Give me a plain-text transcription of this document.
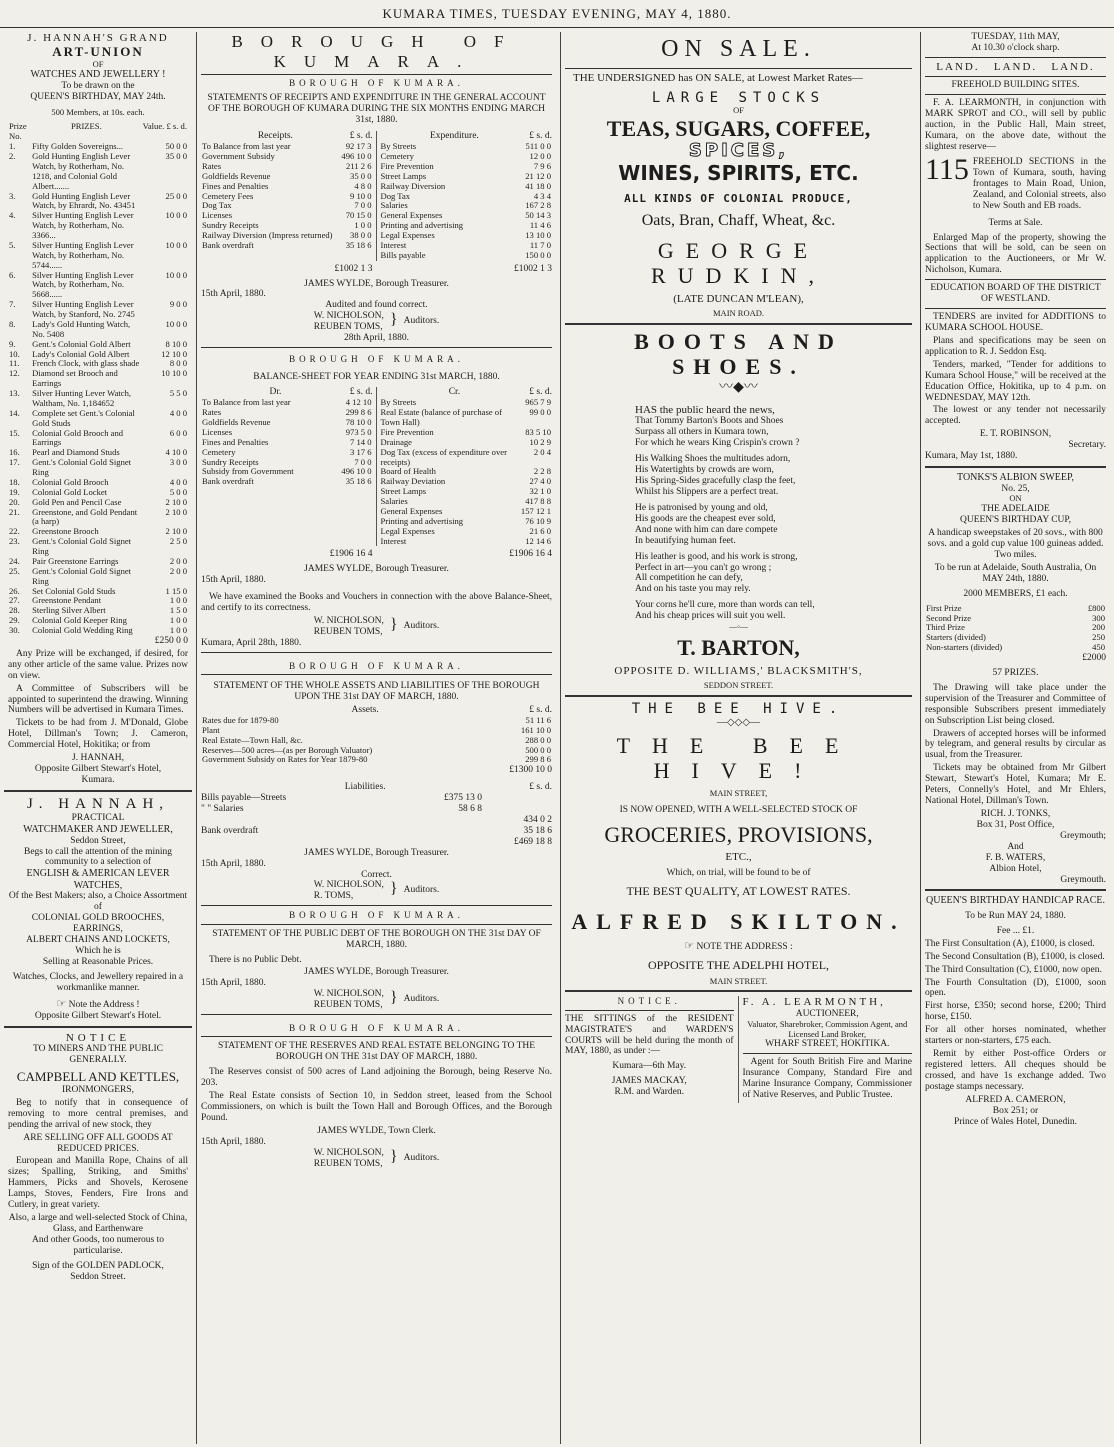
KUMARA TIMES, TUESDAY EVENING, MAY 4, 1880.
J. HANNAH'S GRAND
ART-UNION
OF
WATCHES AND JEWELLERY !
To be drawn on the
QUEEN'S BIRTHDAY, MAY 24th.
500 Members, at 10s. each.
Prize No.	PRIZES.	Value. £ s. d.
1.	Fifty Golden Sovereigns...	50 0 0
2.	Gold Hunting English Lever Watch, by Rotherham, No. 1218, and Colonial Gold Albert.......	35 0 0
3.	Gold Hunting English Lever Watch, by Ehrardt, No. 43451	25 0 0
4.	Silver Hunting English Lever Watch, by Rotherham, No. 3366...	10 0 0
5.	Silver Hunting English Lever Watch, by Rotherham, No. 5744......	10 0 0
6.	Silver Hunting English Lever Watch, by Rotherham, No. 5668......	10 0 0
7.	Silver Hunting English Lever Watch, by Stanford, No. 2745	9 0 0
8.	Lady's Gold Hunting Watch, No. 5408	10 0 0
9.	Gent.'s Colonial Gold Albert	8 10 0
10.	Lady's Colonial Gold Albert	12 10 0
11.	French Clock, with glass shade	8 0 0
12.	Diamond set Brooch and Earrings	10 10 0
13.	Silver Hunting Lever Watch, Waltham, No. 1,184652	5 5 0
14.	Complete set Gent.'s Colonial Gold Studs	4 0 0
15.	Colonial Gold Brooch and Earrings	6 0 0
16.	Pearl and Diamond Studs	4 10 0
17.	Gent.'s Colonial Gold Signet Ring	3 0 0
18.	Colonial Gold Brooch	4 0 0
19.	Colonial Gold Locket	5 0 0
20.	Gold Pen and Pencil Case	2 10 0
21.	Greenstone, and Gold Pendant (a harp)	2 10 0
22.	Greenstone Brooch	2 10 0
23.	Gent.'s Colonial Gold Signet Ring	2 5 0
24.	Pair Greenstone Earrings	2 0 0
25.	Gent.'s Colonial Gold Signet Ring	2 0 0
26.	Set Colonial Gold Studs	1 15 0
27.	Greenstone Pendant	1 0 0
28.	Sterling Silver Albert	1 5 0
29.	Colonial Gold Keeper Ring	1 0 0
30.	Colonial Gold Wedding Ring	1 0 0
£250 0 0

Any Prize will be exchanged, if desired, for any other article of the same value. Prizes now on view.

A Committee of Subscribers will be appointed to superintend the drawing. Winning Numbers will be advertised in Kumara Times.

Tickets to be had from J. M'Donald, Globe Hotel, Dillman's Town; J. Cameron, Commercial Hotel, Hokitika; or from

J. HANNAH,
Opposite Gilbert Stewart's Hotel,
Kumara.
J. HANNAH,
PRACTICAL
WATCHMAKER AND JEWELLER,
Seddon Street,
Begs to call the attention of the mining community to a selection of
ENGLISH & AMERICAN LEVER WATCHES,
Of the Best Makers; also, a Choice Assortment of
COLONIAL GOLD BROOCHES, EARRINGS,
ALBERT CHAINS AND LOCKETS,
Which he is
Selling at Reasonable Prices.
Watches, Clocks, and Jewellery repaired in a workmanlike manner.
☞ Note the Address !
Opposite Gilbert Stewart's Hotel.
NOTICE
TO MINERS AND THE PUBLIC GENERALLY.
CAMPBELL AND KETTLES,
IRONMONGERS,

Beg to notify that in consequence of removing to more central premises, and pending the arrival of new stock, they

ARE SELLING OFF ALL GOODS AT REDUCED PRICES.

European and Manilla Rope, Chains of all sizes; Spalling, Striking, and Smiths' Hammers, Picks and Shovels, Kerosene Lamps, Stoves, Fenders, Fire Irons and Cutlery, in great variety.

Also, a large and well-selected Stock of China, Glass, and Earthenware
And other Goods, too numerous to particularise.
Sign of the GOLDEN PADLOCK,
Seddon Street.
BOROUGH OF KUMARA.
BOROUGH OF KUMARA.
STATEMENTS OF RECEIPTS AND EXPENDITURE IN THE GENERAL ACCOUNT OF THE BOROUGH OF KUMARA DURING THE SIX MONTHS ENDING MARCH 31st, 1880.
Receipts.	£ s. d.
To Balance from last year	92 17 3
Government Subsidy	496 10 0
Rates	211 2 6
Goldfields Revenue	35 0 0
Fines and Penalties	4 8 0
Cemetery Fees	9 10 0
Dog Tax	7 0 0
Licenses	70 15 0
Sundry Receipts	1 0 0
Railway Diversion (Impress returned)	38 0 0
Bank overdraft	35 18 6
Expenditure.	£ s. d.
By Streets	511 0 0
Cemetery	12 0 0
Fire Prevention	7 9 6
Street Lamps	21 12 0
Railway Diversion	41 18 0
Dog Tax	4 3 4
Salaries	167 2 8
General Expenses	50 14 3
Printing and advertising	11 4 6
Legal Expenses	13 10 0
Interest	11 7 0
Bills payable	150 0 0
£1002 1 3	£1002 1 3
JAMES WYLDE, Borough Treasurer.
15th April, 1880.
Audited and found correct.
W. NICHOLSON,
REUBEN TOMS, } Auditors.
28th April, 1880.
BOROUGH OF KUMARA.
BALANCE-SHEET FOR YEAR ENDING 31st MARCH, 1880.
Dr.	£ s. d.
To Balance from last year	4 12 10
Rates	299 8 6
Goldfields Revenue	78 10 0
Licenses	973 5 0
Fines and Penalties	7 14 0
Cemetery	3 17 6
Sundry Receipts	7 0 0
Subsidy from Government	496 10 0
Bank overdraft	35 18 6
Cr.	£ s. d.
By Streets	965 7 9
Real Estate (balance of purchase of Town Hall)	99 0 0
Fire Prevention	83 5 10
Drainage	10 2 9
Dog Tax (excess of expenditure over receipts)	2 0 4
Board of Health	2 2 8
Railway Deviation	27 4 0
Street Lamps	32 1 0
Salaries	417 8 8
General Expenses	157 12 1
Printing and advertising	76 10 9
Legal Expenses	21 6 0
Interest	12 14 6
£1906 16 4	£1906 16 4
JAMES WYLDE, Borough Treasurer.
15th April, 1880.

We have examined the Books and Vouchers in connection with the above Balance-Sheet, and certify to its correctness.

W. NICHOLSON,
REUBEN TOMS, } Auditors.
Kumara, April 28th, 1880.
BOROUGH OF KUMARA.
STATEMENT OF THE WHOLE ASSETS AND LIABILITIES OF THE BOROUGH UPON THE 31st DAY OF MARCH, 1880.
Assets.	£ s. d.
Rates due for 1879-80	51 11 6
Plant	161 10 0
Real Estate—Town Hall, &c.	288 0 0
Reserves—500 acres—(as per Borough Valuator)	500 0 0
Government Subsidy on Rates for Year 1879-80	299 8 6
£1300 10 0
Liabilities.	£ s. d.
Bills payable—Streets	£375 13 0
" " Salaries	58 6 8
434 0 2
Bank overdraft	35 18 6
£469 18 8
JAMES WYLDE, Borough Treasurer.
15th April, 1880.
Correct.
W. NICHOLSON,
R. TOMS,	} Auditors.
BOROUGH OF KUMARA.
STATEMENT OF THE PUBLIC DEBT OF THE BOROUGH ON THE 31st DAY OF MARCH, 1880.

There is no Public Debt.

JAMES WYLDE, Borough Treasurer.
15th April, 1880.
W. NICHOLSON,
REUBEN TOMS, } Auditors.
BOROUGH OF KUMARA.
STATEMENT OF THE RESERVES AND REAL ESTATE BELONGING TO THE BOROUGH ON THE 31st DAY OF MARCH, 1880.

The Reserves consist of 500 acres of Land adjoining the Borough, being Reserve No. 203.

The Real Estate consists of Section 10, in Seddon street, leased from the School Commissioners, on which is built the Town Hall and Borough Offices, and the Borough Pound.

JAMES WYLDE, Town Clerk.
15th April, 1880.
W. NICHOLSON,
REUBEN TOMS, } Auditors.
ON SALE.

THE UNDERSIGNED has ON SALE, at Lowest Market Rates—

LARGE STOCKS
OF
TEAS, SUGARS, COFFEE,
SPICES,
WINES, SPIRITS, ETC.
ALL KINDS OF COLONIAL PRODUCE,
Oats, Bran, Chaff, Wheat, &c.
GEORGE RUDKIN,
(LATE DUNCAN M'LEAN),
MAIN ROAD.
BOOTS AND SHOES.
〰◆〰
HAS the public heard the news,
That Tommy Barton's Boots and Shoes
Surpass all others in Kumara town,
For which he wears King Crispin's crown ?
His Walking Shoes the multitudes adorn,
His Watertights by crowds are worn,
His Spring-Sides gracefully clasp the feet,
Whilst his Slippers are a perfect treat.
He is patronised by young and old,
His goods are the cheapest ever sold,
And none with him can dare compete
In beautifying human feet.
His leather is good, and his work is strong,
Perfect in art—you can't go wrong ;
All competition he can defy,
And on his taste you may rely.
Your corns he'll cure, more than words can tell,
And his cheap prices will suit you well.
—◦—
T. BARTON,
OPPOSITE D. WILLIAMS,' BLACKSMITH'S,
SEDDON STREET.
THE BEE HIVE.
—◇◇◇—
THE BEE HIVE!
MAIN STREET,
IS NOW OPENED, WITH A WELL-SELECTED STOCK OF
GROCERIES, PROVISIONS,
ETC.,
Which, on trial, will be found to be of
THE BEST QUALITY, AT LOWEST RATES.
ALFRED SKILTON.
☞ NOTE THE ADDRESS :
OPPOSITE THE ADELPHI HOTEL,
MAIN STREET.
NOTICE.

THE SITTINGS of the RESIDENT MAGISTRATE'S and WARDEN'S COURTS will be held during the month of MAY, 1880, as under :—

Kumara—6th May.
JAMES MACKAY,
R.M. and Warden.
F. A. LEARMONTH,
AUCTIONEER,
Valuator, Sharebroker, Commission Agent, and
Licensed Land Broker,
WHARF STREET, HOKITIKA.

Agent for South British Fire and Marine Insurance Company, Standard Fire and Marine Insurance Company, Commissioner of Native Reserves, and Public Trustee.

TUESDAY, 11th MAY,
At 10.30 o'clock sharp.
LAND.   LAND.   LAND.
FREEHOLD BUILDING SITES.

F. A. LEARMONTH, in conjunction with MARK SPROT and CO., will sell by public auction, in the Public Hall, Main street, Kumara, on the above date, without the slightest reserve—

115 FREEHOLD SECTIONS in the Town of Kumara, south, having frontages to Main Road, Union, Zealand, and Colonial streets, also to New South and EB roads.

Terms at Sale.

Enlarged Map of the property, showing the Sections that will be sold, can be seen on application to the Auctioneers, or Mr W. Nicholson, Kumara.

EDUCATION BOARD OF THE DISTRICT OF WESTLAND.

TENDERS are invited for ADDITIONS to KUMARA SCHOOL HOUSE.

Plans and specifications may be seen on application to R. J. Seddon Esq.

Tenders, marked, "Tender for additions to Kumara School House," will be received at the Education Office, Hokitika, up to 4 p.m. on WEDNESDAY, MAY 12th.

The lowest or any tender not necessarily accepted.

E. T. ROBINSON,
Secretary.
Kumara, May 1st, 1880.
TONKS'S ALBION SWEEP,
No. 25,
ON
THE ADELAIDE
QUEEN'S BIRTHDAY CUP,

A handicap sweepstakes of 20 sovs., with 800 sovs. and a gold cup value 100 guineas added. Two miles.

To be run at Adelaide, South Australia, On MAY 24th, 1880.

2000 MEMBERS, £1 each.
First Prize	£800
Second Prize	300
Third Prize	200
Starters (divided)	250
Non-starters (divided)	450
£2000
57 PRIZES.

The Drawing will take place under the supervision of the Treasurer and Committee of responsible Subscribers present immediately on Subscription List being closed.

Drawers of accepted horses will be informed by telegram, and general results by circular as usual, from the Treasurer.

Tickets may be obtained from Mr Gilbert Stewart, Stewart's Hotel, Kumara; Mr E. Peters, Connelly's Hotel, and Mr Ehlers, National Hotel, Dillman's Town.

RICH. J. TONKS,
Box 31, Post Office,
Greymouth;
And
F. B. WATERS,
Albion Hotel,
Greymouth.
QUEEN'S BIRTHDAY HANDICAP RACE.
To be Run MAY 24, 1880.
Fee ... £1.

The First Consultation (A), £1000, is closed.

The Second Consultation (B), £1000, is closed.

The Third Consultation (C), £1000, now open.

The Fourth Consultation (D), £1000, soon open.

First horse, £350; second horse, £200; Third horse, £150.

For all other horses nominated, whether starters or non-starters, £75 each.

Remit by either Post-office Orders or registered letters. All cheques should be crossed, and have 1s exchange added. Two postage stamps necessary.

ALFRED A. CAMERON,
Box 251; or
Prince of Wales Hotel, Dunedin.
